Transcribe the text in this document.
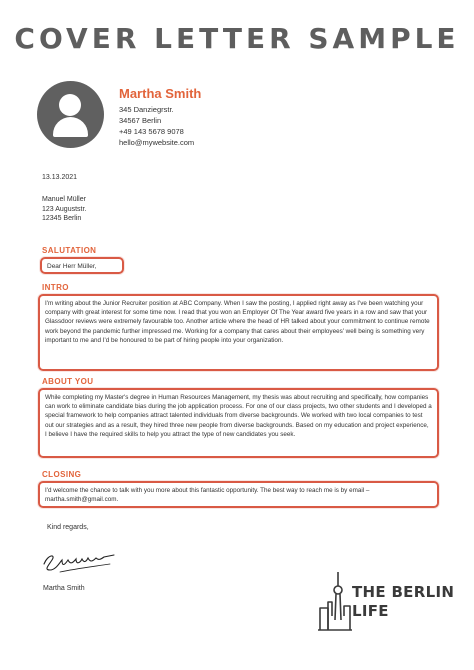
COVER LETTER SAMPLE
Martha Smith
345 Danziegrstr.
34567 Berlin
+49 143 5678 9078
hello@mywebsite.com
13.13.2021
Manuel Müller
123 Auguststr.
12345 Berlin
SALUTATION
Dear Herr Müller,
INTRO
I'm writing about the Junior Recruiter position at ABC Company. When I saw the posting, I applied right away as I've been watching your company with great interest for some time now. I read that you won an Employer Of The Year award five years in a row and saw that your Glassdoor reviews were extremely favourable too. Another article where the head of HR talked about your commitment to continue remote work beyond the pandemic further impressed me. Working for a company that cares about their employees' well being is something very important to me and I'd be honoured to be part of hiring people into your organization.
ABOUT YOU
While completing my Master's degree in Human Resources Management, my thesis was about recruiting and specifically, how companies can work to eliminate candidate bias during the job application process. For one of our class projects, two other students and I developed a special framework to help companies attract talented individuals from diverse backgrounds. We worked with two local companies to test out our strategies and as a result, they hired three new people from diverse backgrounds. Based on my education and project experience, I believe I have the required skills to help you attract the type of new candidates you seek.
CLOSING
I'd welcome the chance to talk with you more about this fantastic opportunity. The best way to reach me is by email – martha.smith@gmail.com.
Kind regards,
Martha Smith	THE BERLIN
LIFE
